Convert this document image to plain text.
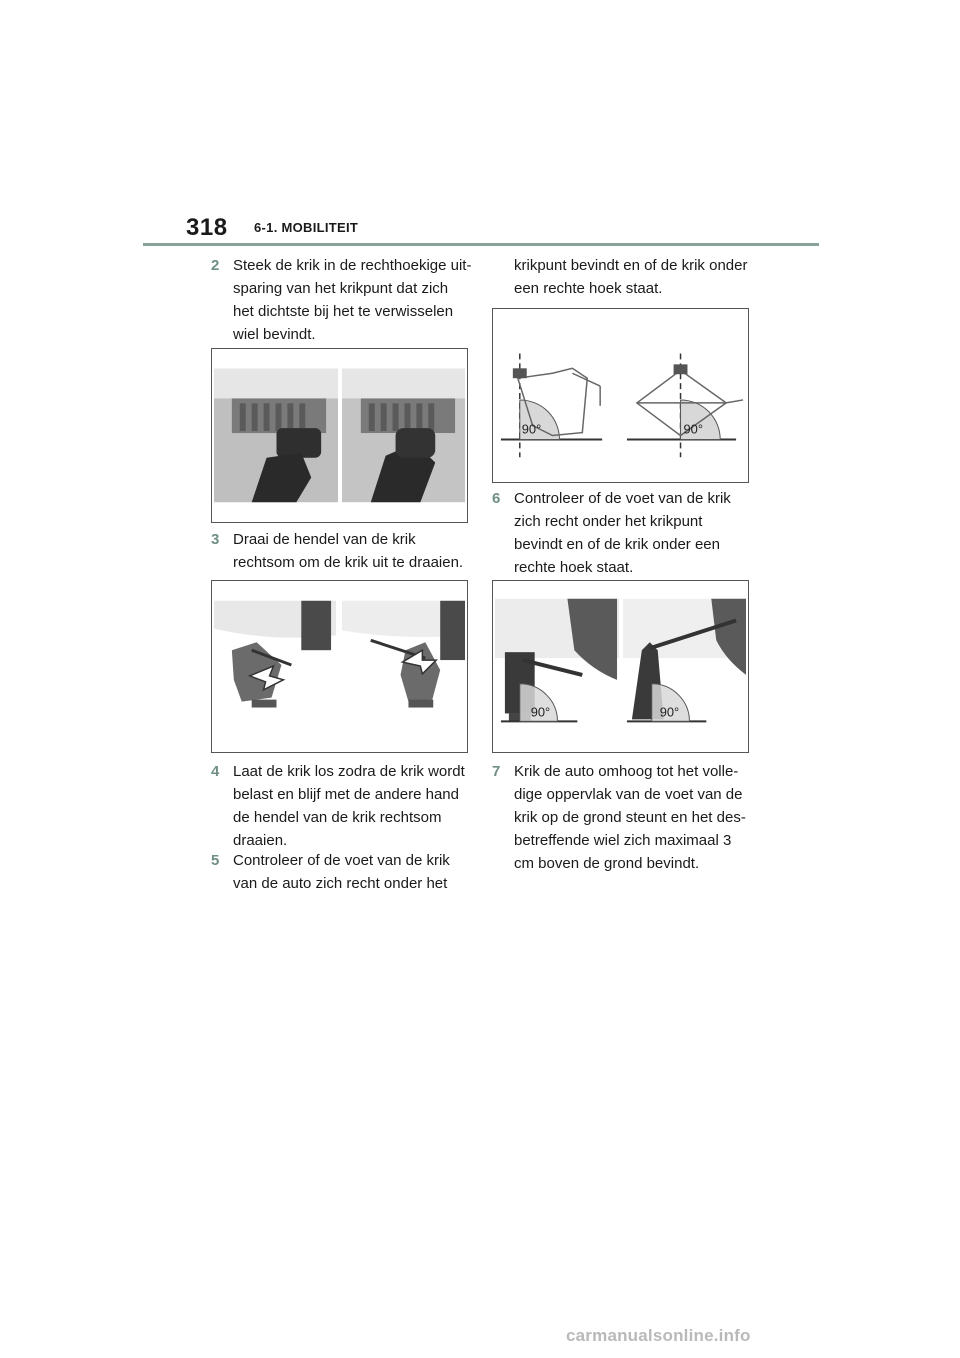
318 6-1. MOBILITEIT
2 Steek de krik in de rechthoekige uit-sparing van het krikpunt dat zich het dichtste bij het te verwisselen wiel bevindt.
3 Draai de hendel van de krik rechtsom om de krik uit te draaien.
4 Laat de krik los zodra de krik wordt belast en blijf met de andere hand de hendel van de krik rechtsom draaien.
5 Controleer of de voet van de krik van de auto zich recht onder het
krikpunt bevindt en of de krik onder een rechte hoek staat.
90°	90°
6 Controleer of de voet van de krik zich recht onder het krikpunt bevindt en of de krik onder een rechte hoek staat.
90°	90°
7 Krik de auto omhoog tot het volle-dige oppervlak van de voet van de krik op de grond steunt en het des-betreffende wiel zich maximaal 3 cm boven de grond bevindt.
carmanualsonline.info
